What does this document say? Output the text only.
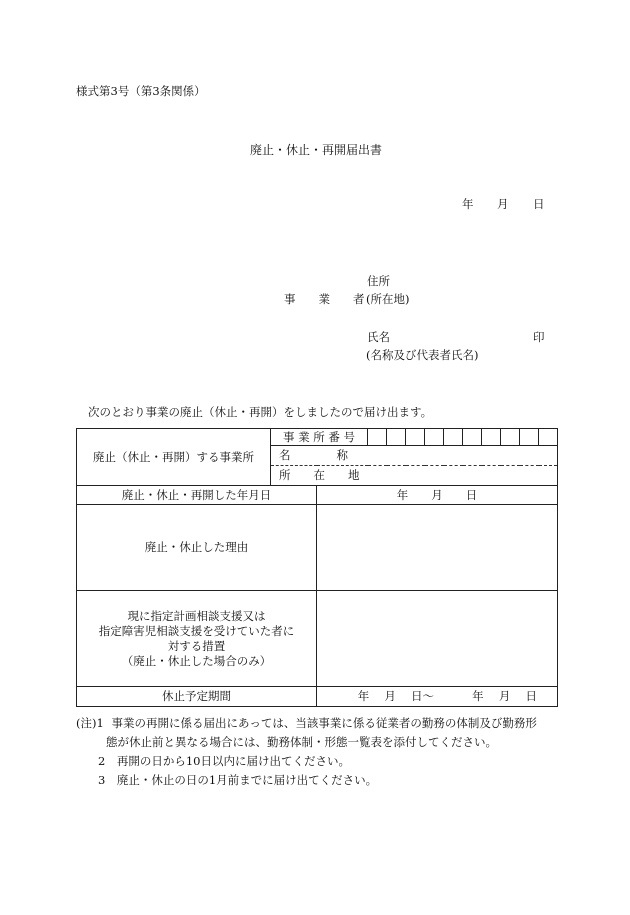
様式第3号（第3条関係）
廃止・休止・再開届出書
年 月 日
住所
事　　業　　者 (所在地)
氏名	印
(名称及び代表者氏名)
次のとおり事業の廃止（休止・再開）をしましたので届け出ます。
廃止（休止・再開）する事業所	事 業 所 番 号											
	名　　　　称											
	所　　在　　地											
廃止・休止・再開した年月日		年　　月　　日										
廃止・休止した理由												

現に指定計画相談支援又は
指定障害児相談支援を受けていた者に
対する措置
（廃止・休止した場合のみ）												

休止予定期間		年　 月　 日～　　　 年　 月　 日										
(注)1 事業の再開に係る届出にあっては、当該事業に係る従業者の勤務の体制及び勤務形
態が休止前と異なる場合には、勤務体制・形態一覧表を添付してください。
2　再開の日から10日以内に届け出てください。
3　廃止・休止の日の1月前までに届け出てください。
